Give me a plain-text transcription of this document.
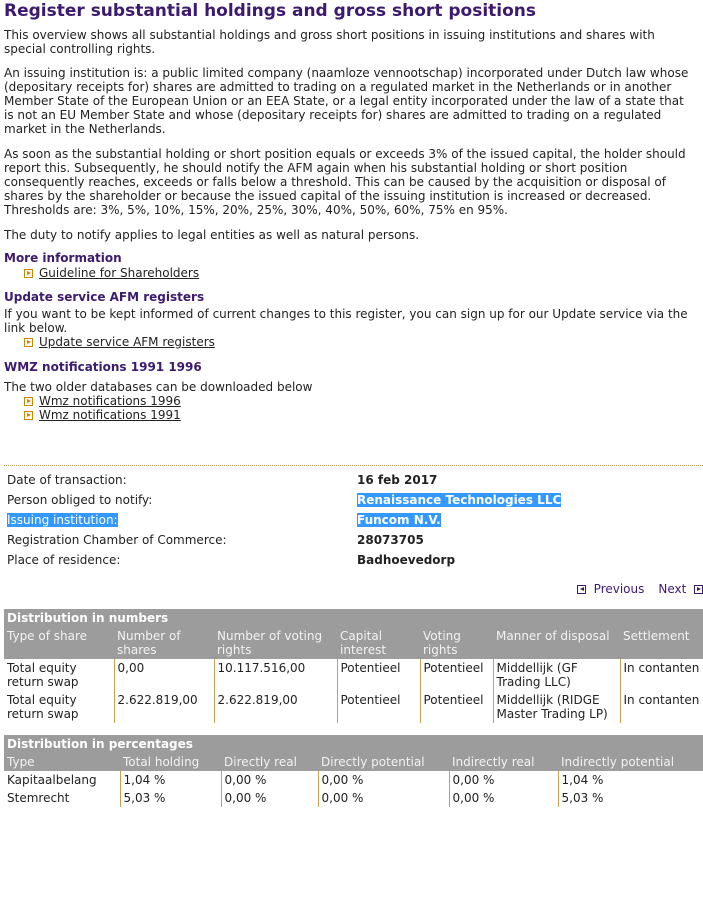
Register substantial holdings and gross short positions

This overview shows all substantial holdings and gross short positions in issuing institutions and shares with special controlling rights.

An issuing institution is: a public limited company (naamloze vennootschap) incorporated under Dutch law whose (depositary receipts for) shares are admitted to trading on a regulated market in the Netherlands or in another Member State of the European Union or an EEA State, or a legal entity incorporated under the law of a state that is not an EU Member State and whose (depositary receipts for) shares are admitted to trading on a regulated market in the Netherlands.

As soon as the substantial holding or short position equals or exceeds 3% of the issued capital, the holder should report this. Subsequently, he should notify the AFM again when his substantial holding or short position consequently reaches, exceeds or falls below a threshold. This can be caused by the acquisition or disposal of shares by the shareholder or because the issued capital of the issuing institution is increased or decreased. Thresholds are: 3%, 5%, 10%, 15%, 20%, 25%, 30%, 40%, 50%, 60%, 75% en 95%.

The duty to notify applies to legal entities as well as natural persons.

More information
Guideline for Shareholders
Update service AFM registers

If you want to be kept informed of current changes to this register, you can sign up for our Update service via the link below.

Update service AFM registers
WMZ notifications 1991 1996

The two older databases can be downloaded below

Wmz notifications 1996
Wmz notifications 1991
Date of transaction:	16 feb 2017
Person obliged to notify:	Renaissance Technologies LLC
Issuing institution:	Funcom N.V.
Registration Chamber of Commerce:	28073705
Place of residence:	Badhoevedorp

Previous Next

Distribution in numbers						
Type of share	Number of shares	Number of voting rights	Capital interest	Voting rights	Manner of disposal	Settlement
Total equity return swap	0,00	10.117.516,00	Potentieel	Potentieel	Middellijk (GF Trading LLC)	In contanten
Total equity return swap	2.622.819,00	2.622.819,00	Potentieel	Potentieel	Middellijk (RIDGE Master Trading LP)	In contanten
Distribution in percentages					
Type	Total holding	Directly real	Directly potential	Indirectly real	Indirectly potential
Kapitaalbelang	1,04 %	0,00 %	0,00 %	0,00 %	1,04 %
Stemrecht	5,03 %	0,00 %	0,00 %	0,00 %	5,03 %
